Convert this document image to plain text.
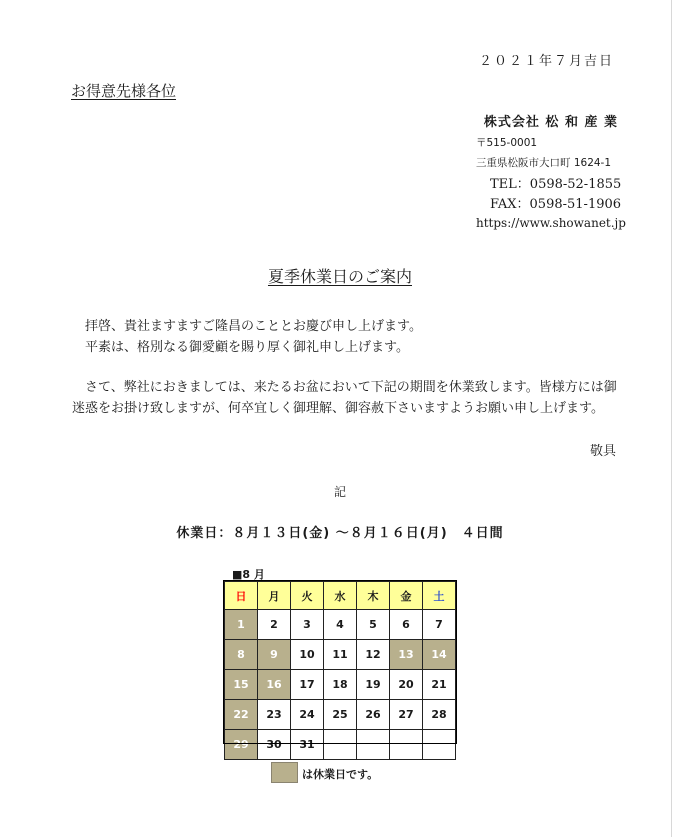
２０２１年７月吉日
お得意先様各位
株式会社 松 和 産 業
〒515-0001
三重県松阪市大口町 1624-1
TEL：0598-52-1855
FAX：0598-51-1906
https://www.showanet.jp
夏季休業日のご案内
拝啓、貴社ますますご隆昌のこととお慶び申し上げます。
平素は、格別なる御愛顧を賜り厚く御礼申し上げます。
さて、弊社におきましては、来たるお盆において下記の期間を休業致します。皆様方には御迷惑をお掛け致しますが、何卒宜しく御理解、御容赦下さいますようお願い申し上げます。
敬具
記
休業日：８月１３日(金) 〜８月１６日(月)　４日間
■8 月
日	月	火	水	木	金	土
1	2	3	4	5	6	7
8	9	10	11	12	13	14
15	16	17	18	19	20	21
22	23	24	25	26	27	28
29	30	31				
は休業日です。
